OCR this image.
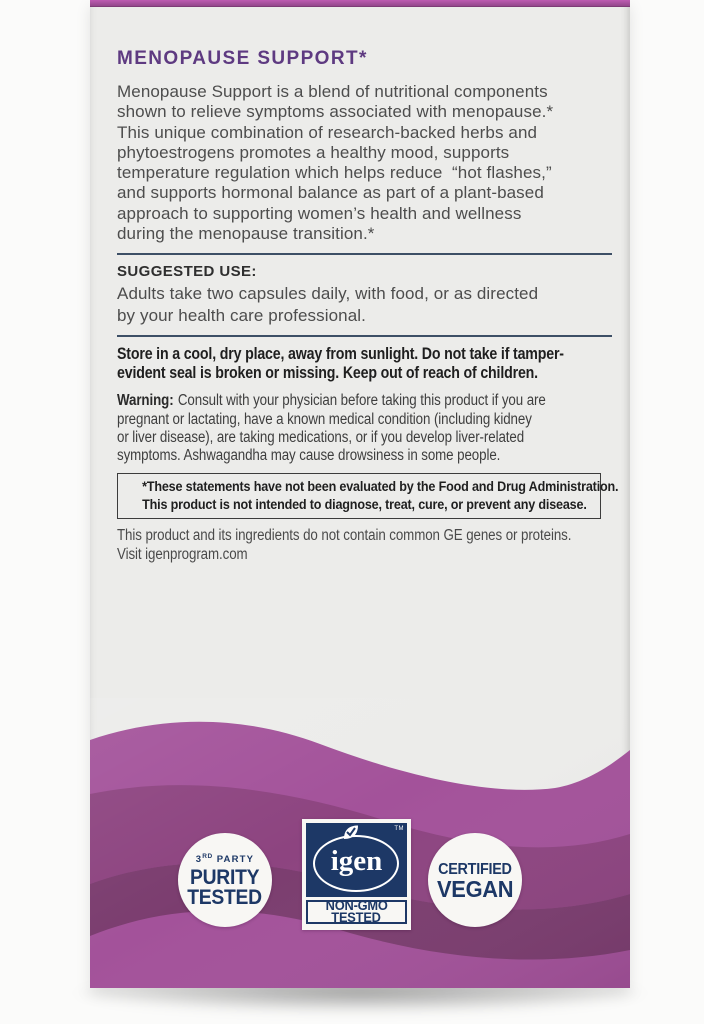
MENOPAUSE SUPPORT*
Menopause Support is a blend of nutritional components
shown to relieve symptoms associated with menopause.*
This unique combination of research-backed herbs and
phytoestrogens promotes a healthy mood, supports
temperature regulation which helps reduce  “hot flashes,”
and supports hormonal balance as part of a plant-based
approach to supporting women’s health and wellness
during the menopause transition.*
SUGGESTED USE:
Adults take two capsules daily, with food, or as directed
by your health care professional.
Store in a cool, dry place, away from sunlight. Do not take if tamper-
evident seal is broken or missing. Keep out of reach of children.
Warning: Consult with your physician before taking this product if you are
pregnant or lactating, have a known medical condition (including kidney
or liver disease), are taking medications, or if you develop liver-related
symptoms. Ashwagandha may cause drowsiness in some people.
*These statements have not been evaluated by the Food and Drug Administration.
This product is not intended to diagnose, treat, cure, or prevent any disease.
This product and its ingredients do not contain common GE genes or proteins.
Visit igenprogram.com
3RD PARTY
PURITY
TESTED
igen
TM
NON-GMO
TESTED
CERTIFIED
VEGAN
